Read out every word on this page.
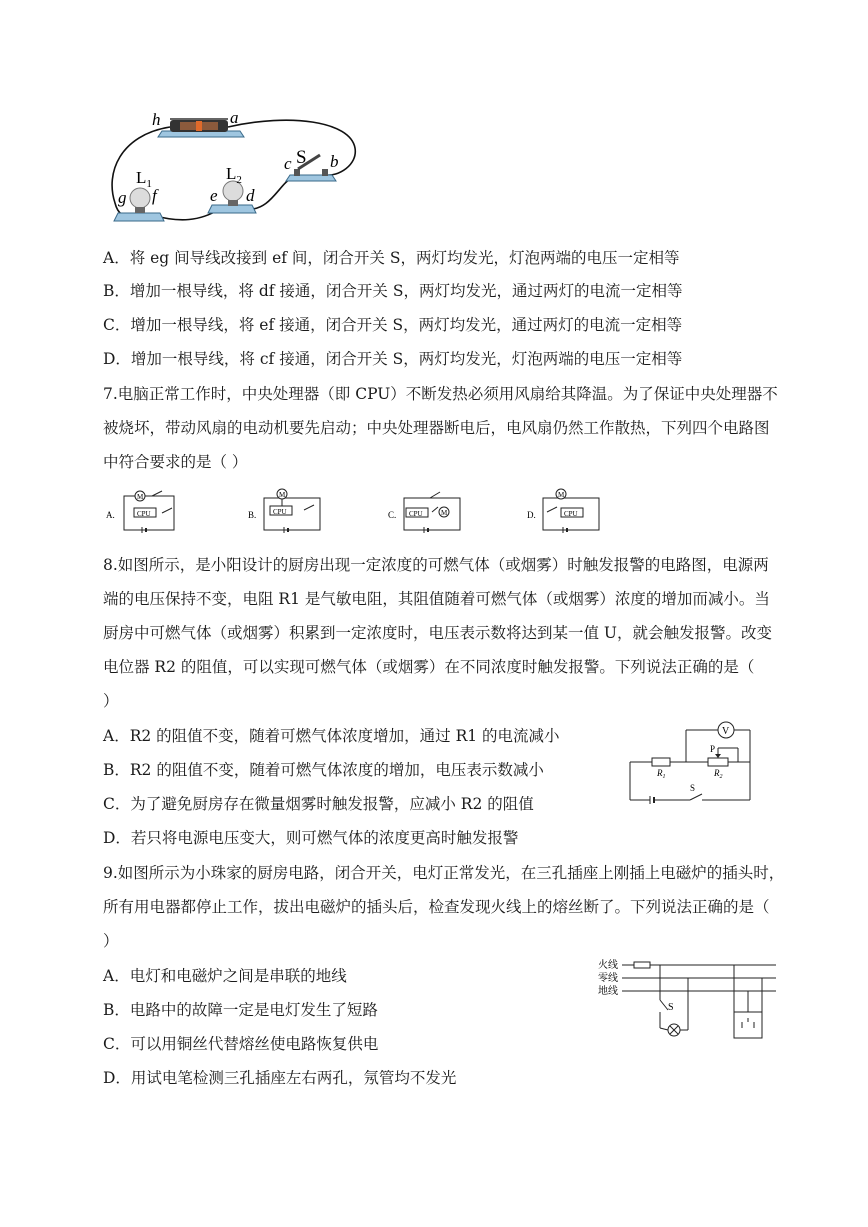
h	a
c S b
$L_1$
$L_2$
g f	e d
A．将 eg 间导线改接到 ef 间，闭合开关 S，两灯均发光，灯泡两端的电压一定相等
B．增加一根导线，将 df 接通，闭合开关 S，两灯均发光，通过两灯的电流一定相等
C．增加一根导线，将 ef 接通，闭合开关 S，两灯均发光，通过两灯的电流一定相等
D．增加一根导线，将 cf 接通，闭合开关 S，两灯均发光，灯泡两端的电压一定相等
7.电脑正常工作时，中央处理器（即 CPU）不断发热必须用风扇给其降温。为了保证中央处理器不
被烧坏，带动风扇的电动机要先启动；中央处理器断电后，电风扇仍然工作散热，下列四个电路图
中符合要求的是（ ）
A.
M
CPU	B.
M
CPU	C. CPU	M	D.
M
CPU
8.如图所示，是小阳设计的厨房出现一定浓度的可燃气体（或烟雾）时触发报警的电路图，电源两
端的电压保持不变，电阻 R1 是气敏电阻，其阻值随着可燃气体（或烟雾）浓度的增加而减小。当
厨房中可燃气体（或烟雾）积累到一定浓度时，电压表示数将达到某一值 U，就会触发报警。改变
电位器 R2 的阻值，可以实现可燃气体（或烟雾）在不同浓度时触发报警。下列说法正确的是（
）
A．R2 的阻值不变，随着可燃气体浓度增加，通过 R1 的电流减小
B．R2 的阻值不变，随着可燃气体浓度的增加，电压表示数减小
C．为了避免厨房存在微量烟雾时触发报警，应减小 R2 的阻值
D．若只将电源电压变大，则可燃气体的浓度更高时触发报警
V
P
$R_1$	$R_2$
S
9.如图所示为小珠家的厨房电路，闭合开关，电灯正常发光，在三孔插座上刚插上电磁炉的插头时，
所有用电器都停止工作，拔出电磁炉的插头后，检查发现火线上的熔丝断了。下列说法正确的是（
）
A．电灯和电磁炉之间是串联的地线
B．电路中的故障一定是电灯发生了短路
C．可以用铜丝代替熔丝使电路恢复供电
D．用试电笔检测三孔插座左右两孔，氖管均不发光
火线
零线
地线
S
